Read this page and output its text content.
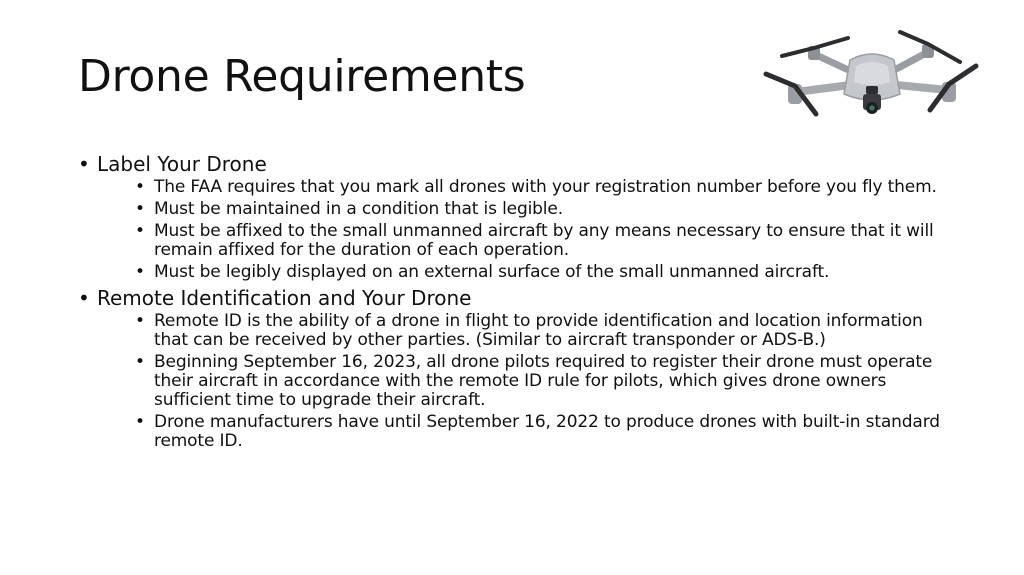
Drone Requirements
• Label Your Drone
• The FAA requires that you mark all drones with your registration number before you fly them.
• Must be maintained in a condition that is legible.
• Must be affixed to the small unmanned aircraft by any means necessary to ensure that it will remain affixed for the duration of each operation.
• Must be legibly displayed on an external surface of the small unmanned aircraft.
• Remote Identification and Your Drone
• Remote ID is the ability of a drone in flight to provide identification and location information that can be received by other parties. (Similar to aircraft transponder or ADS-B.)
• Beginning September 16, 2023, all drone pilots required to register their drone must operate their aircraft in accordance with the remote ID rule for pilots, which gives drone owners sufficient time to upgrade their aircraft.
• Drone manufacturers have until September 16, 2022 to produce drones with built-in standard remote ID.
